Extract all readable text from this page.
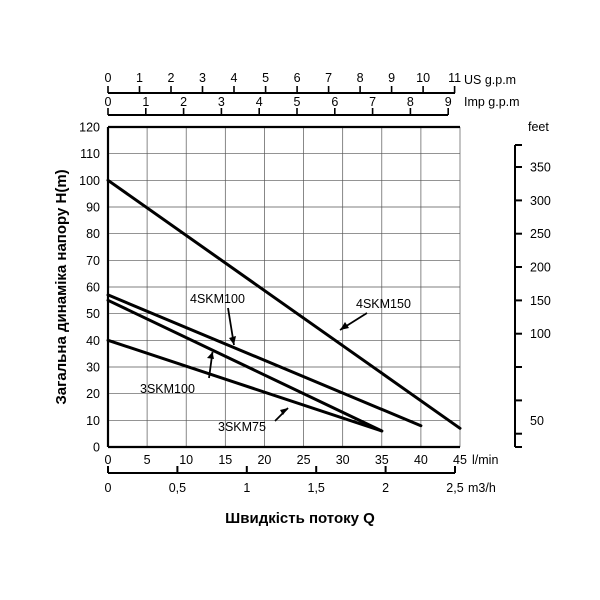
0 1 2 3 4 5 6 7 8 9 10 11 US g.p.m
0 1 2 3 4 5 6 7 8 9 Imp g.p.m
120
110
100
90
80
70
60
50
40
30
20
10
0
350
300
250
200
150
100
50
feet
0	5 10 15 20 25 30 35 40 45 l/min
0	0,5	1	1,5	2	2,5 m3/h
4SKM150
4SKM100
3SKM100
3SKM75
Загальна динаміка напору H(m)
Швидкість потоку Q
